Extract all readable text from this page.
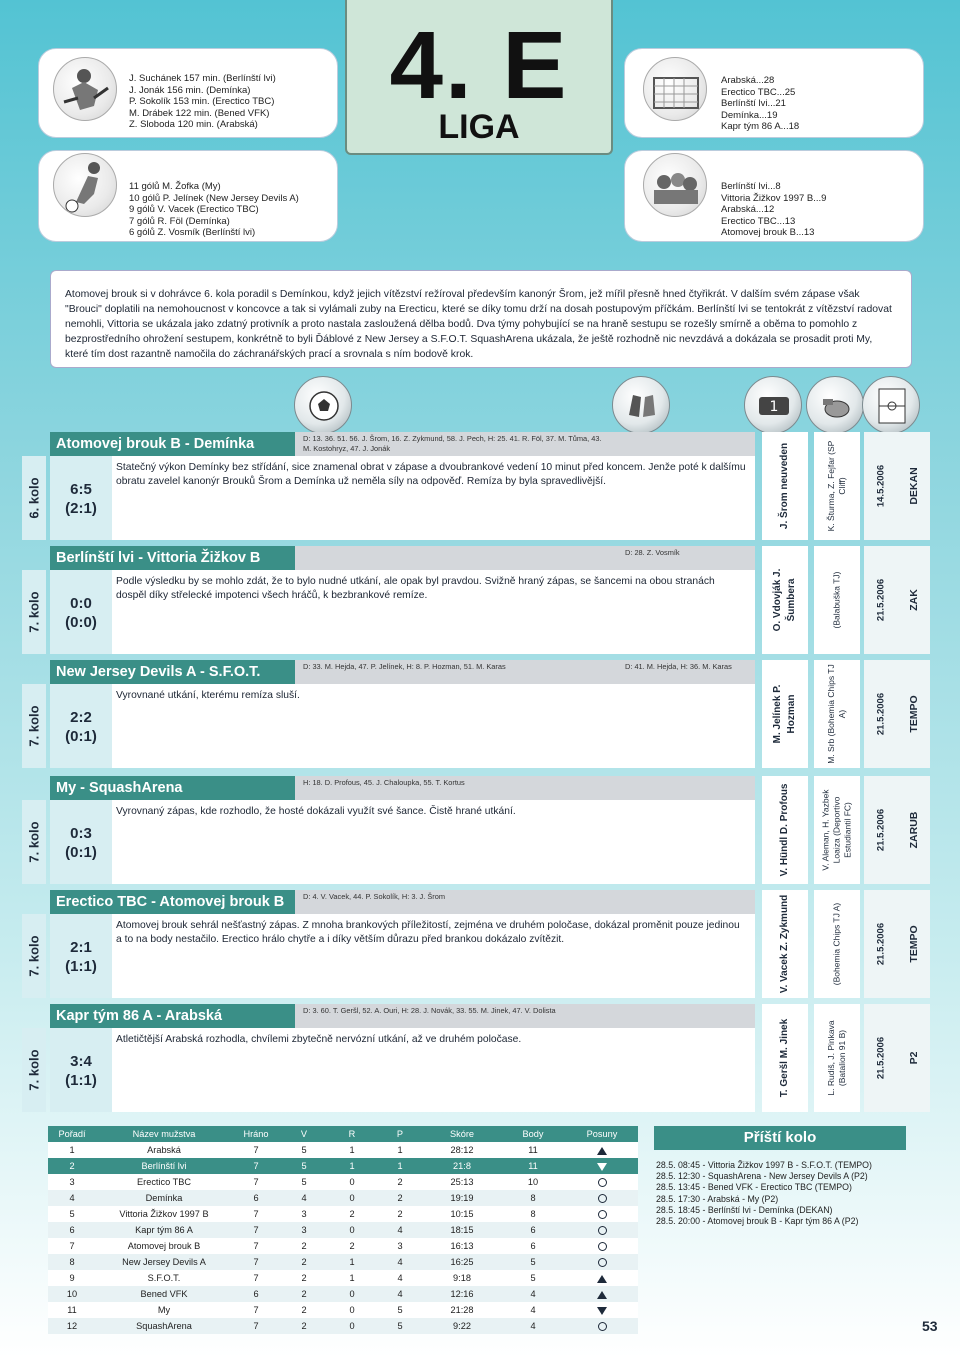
J. Suchánek 157 min. (Berlínští lvi)
J. Jonák 156 min. (Demínka)
P. Sokolík 153 min. (Erectico TBC)
M. Drábek 122 min. (Bened VFK)
Z. Sloboda 120 min. (Arabská)
11 gólů M. Žofka (My)
10 gólů P. Jelínek (New Jersey Devils A)
9 gólů V. Vacek (Erectico TBC)
7 gólů R. Föl (Demínka)
6 gólů Z. Vosmík (Berlínští lvi)
4. E
LIGA
Arabská...28
Erectico TBC...25
Berlínští lvi...21
Demínka...19
Kapr tým 86 A...18
Berlínští lvi...8
Vittoria Žižkov 1997 B...9
Arabská...12
Erectico TBC...13
Atomovej brouk B...13

Atomovej brouk si v dohrávce 6. kola poradil s Demínkou, když jejich vítězství režíroval především kanonýr Šrom, jež mířil přesně hned čtyřikrát. V dalším svém zápase však "Brouci" doplatili na nemohoucnost v koncovce a tak si vylámali zuby na Erecticu, které se díky tomu drží na dosah postupovým příčkám. Berlínští lvi se tentokrát z vítězství radovat nemohli, Vittoria se ukázala jako zdatný protivník a proto nastala zasloužená dělba bodů. Dva týmy pohybující se na hraně sestupu se rozešly smírně a oběma to pomohlo z bezprostředního ohrožení sestupem, konkrétně to byli Ďáblové z New Jersey a S.F.O.T. SquashArena ukázala, že ještě rozhodně nic nevzdává a dokázala se prosadit proti My, které tím dost razantně namočila do záchranářských prací a srovnala s ním bodově krok.

1
Atomovej brouk B - Demínka	D: 13. 36. 51. 56. J. Šrom, 16. Z. Zykmund, 58. J. Pech, H: 25. 41. R. Föl, 37. M. Tůma, 43. M. Kostohryz, 47. J. Jonák
6. kolo	6:5
(2:1)

Statečný výkon Demínky bez střídání, sice znamenal obrat v zápase a dvoubrankové vedení 10 minut před koncem. Jenže poté k dalšímu obratu zavelel kanonýr Brouků Šrom a Demínka už neměla síly na odpověď. Remíza by byla spravedlivější.	J. Šrom neuveden	K. Šturma, Z. Fejfar (SP Cliff)	14.5.2006 DEKAN
Berlínští lvi - Vittoria Žižkov B	D: 28. Z. Vosmík
7. kolo	0:0
(0:0)

Podle výsledku by se mohlo zdát, že to bylo nudné utkání, ale opak byl pravdou. Svižně hraný zápas, se šancemi na obou stranách dospěl díky střelecké impotenci všech hráčů, k bezbrankové remíze.	O. Vdovják J. Šumbera	(Balabuška TJ)	21.5.2006 ZAK
New Jersey Devils A - S.F.O.T.	D: 33. M. Hejda, 47. P. Jelínek, H: 8. P. Hozman, 51. M. Karas	D: 41. M. Hejda, H: 36. M. Karas
7. kolo	2:2
(0:1)

Vyrovnané utkání, kterému remíza sluší.	M. Jelínek P. Hozman	M. Srb (Bohemia Chips TJ A)	21.5.2006 TEMPO
My - SquashArena	H: 18. D. Profous, 45. J. Chaloupka, 55. T. Kortus
7. kolo	0:3
(0:1)

Vyrovnaný zápas, kde rozhodlo, že hosté dokázali využít své šance. Čistě hrané utkání.	V. Hündl D. Profous	V. Aleman, H. Yazbek Loaiza (Deportivo Estudiantil FC) 21.5.2006 ZARUB
Erectico TBC - Atomovej brouk B	D: 4. V. Vacek, 44. P. Sokolík, H: 3. J. Šrom
7. kolo	2:1
(1:1)

Atomovej brouk sehrál nešťastný zápas. Z mnoha brankových příležitostí, zejména ve druhém poločase, dokázal proměnit pouze jedinou a to na body nestačilo. Erectico hrálo chytře a i díky větším důrazu před brankou dokázalo zvítězit.	V. Vacek Z. Zykmund	(Bohemia Chips TJ A)	21.5.2006 TEMPO
Kapr tým 86 A - Arabská	D: 3. 60. T. Geršl, 52. A. Ouri, H: 28. J. Novák, 33. 55. M. Jinek, 47. V. Dolista
7. kolo	3:4
(1:1)

Atletičtější Arabská rozhodla, chvílemi zbytečně nervózní utkání, až ve druhém poločase.	T. Geršl M. Jinek	L. Rudiš, J. Pinkava (Batalion 91 B)	21.5.2006 P2
Pořadí	Název mužstva	Hráno	V	R	P	Skóre	Body	Posuny
1	Arabská	7	5	1	1	28:12	11
2	Berlínští lvi	7	5	1	1	21:8	11
3	Erectico TBC	7	5	0	2	25:13	10
4	Demínka	6	4	0	2	19:19	8
5	Vittoria Žižkov 1997 B	7	3	2	2	10:15	8
6	Kapr tým 86 A	7	3	0	4	18:15	6
7	Atomovej brouk B	7	2	2	3	16:13	6
8	New Jersey Devils A	7	2	1	4	16:25	5
9	S.F.O.T.	7	2	1	4	9:18	5
10	Bened VFK	6	2	0	4	12:16	4
11	My	7	2	0	5	21:28	4
12	SquashArena	7	2	0	5	9:22	4
Příští kolo
28.5. 08:45 - Vittoria Žižkov 1997 B - S.F.O.T. (TEMPO)
28.5. 12:30 - SquashArena - New Jersey Devils A (P2)
28.5. 13:45 - Bened VFK - Erectico TBC (TEMPO)
28.5. 17:30 - Arabská - My (P2)
28.5. 18:45 - Berlínští lvi - Demínka (DEKAN)
28.5. 20:00 - Atomovej brouk B - Kapr tým 86 A (P2)
53
